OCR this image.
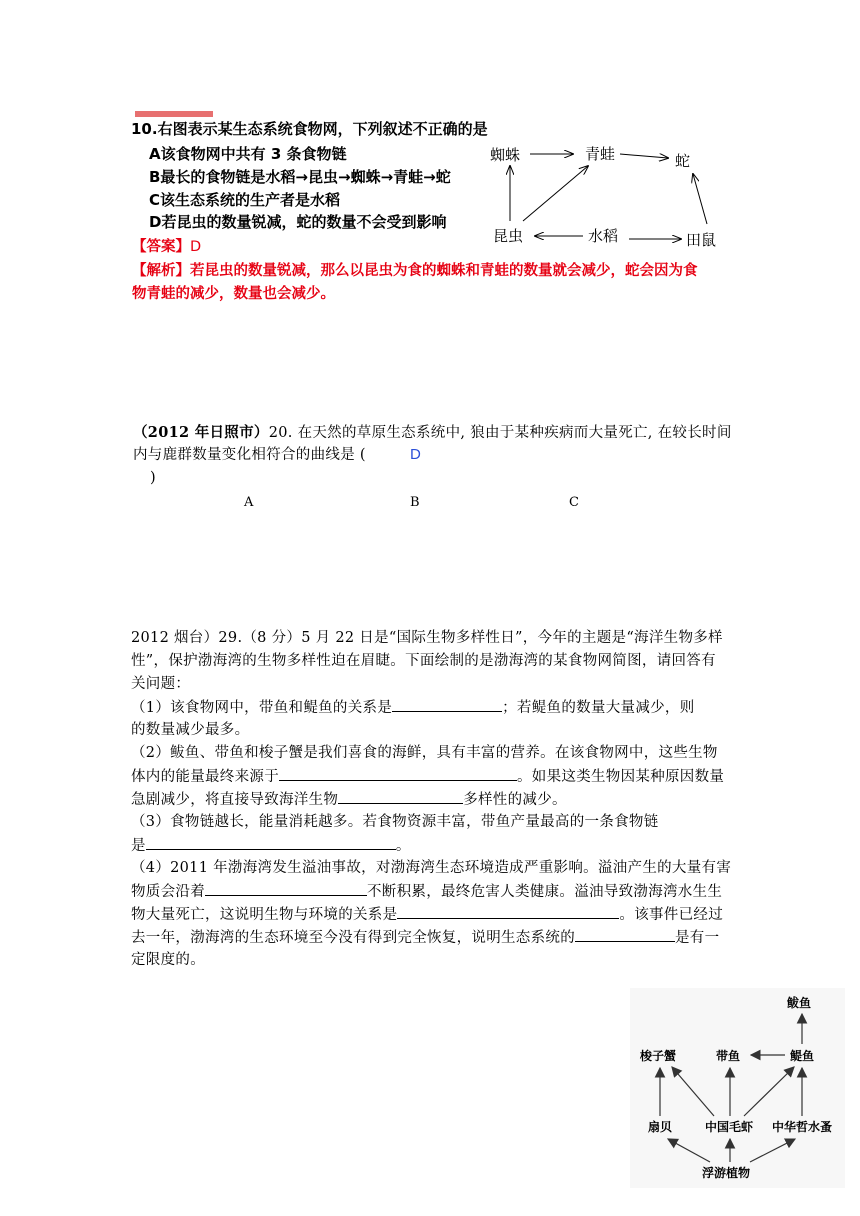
10.右图表示某生态系统食物网，下列叙述不正确的是
A该食物网中共有 3 条食物链
B最长的食物链是水稻→昆虫→蜘蛛→青蛙→蛇
C该生态系统的生产者是水稻
D若昆虫的数量锐减，蛇的数量不会受到影响
【答案】D
【解析】若昆虫的数量锐减，那么以昆虫为食的蜘蛛和青蛙的数量就会减少，蛇会因为食
物青蛙的减少，数量也会减少。
蜘蛛	青蛙	蛇
昆虫	水稻	田鼠
（2012 年日照市）20. 在天然的草原生态系统中, 狼由于某种疾病而大量死亡, 在较长时间
内与鹿群数量变化相符合的曲线是 (	D
)
A	B	C
2012 烟台）29.（8 分）5 月 22 日是“国际生物多样性日”，今年的主题是“海洋生物多样
性”，保护渤海湾的生物多样性迫在眉睫。下面绘制的是渤海湾的某食物网简图，请回答有
关问题：
（1）该食物网中，带鱼和鳀鱼的关系是	；若鳀鱼的数量大量减少，则
的数量减少最多。
（2）鲅鱼、带鱼和梭子蟹是我们喜食的海鲜，具有丰富的营养。在该食物网中，这些生物
体内的能量最终来源于	。如果这类生物因某种原因数量
急剧减少，将直接导致海洋生物	多样性的减少。
（3）食物链越长，能量消耗越多。若食物资源丰富，带鱼产量最高的一条食物链
是	。
（4）2011 年渤海湾发生溢油事故，对渤海湾生态环境造成严重影响。溢油产生的大量有害
物质会沿着	不断积累，最终危害人类健康。溢油导致渤海湾水生生
物大量死亡，这说明生物与环境的关系是	。该事件已经过
去一年，渤海湾的生态环境至今没有得到完全恢复，说明生态系统的	是有一
定限度的。
鲅鱼
梭子蟹	带鱼	鳀鱼
扇贝	中国毛虾 中华哲水蚤
浮游植物
